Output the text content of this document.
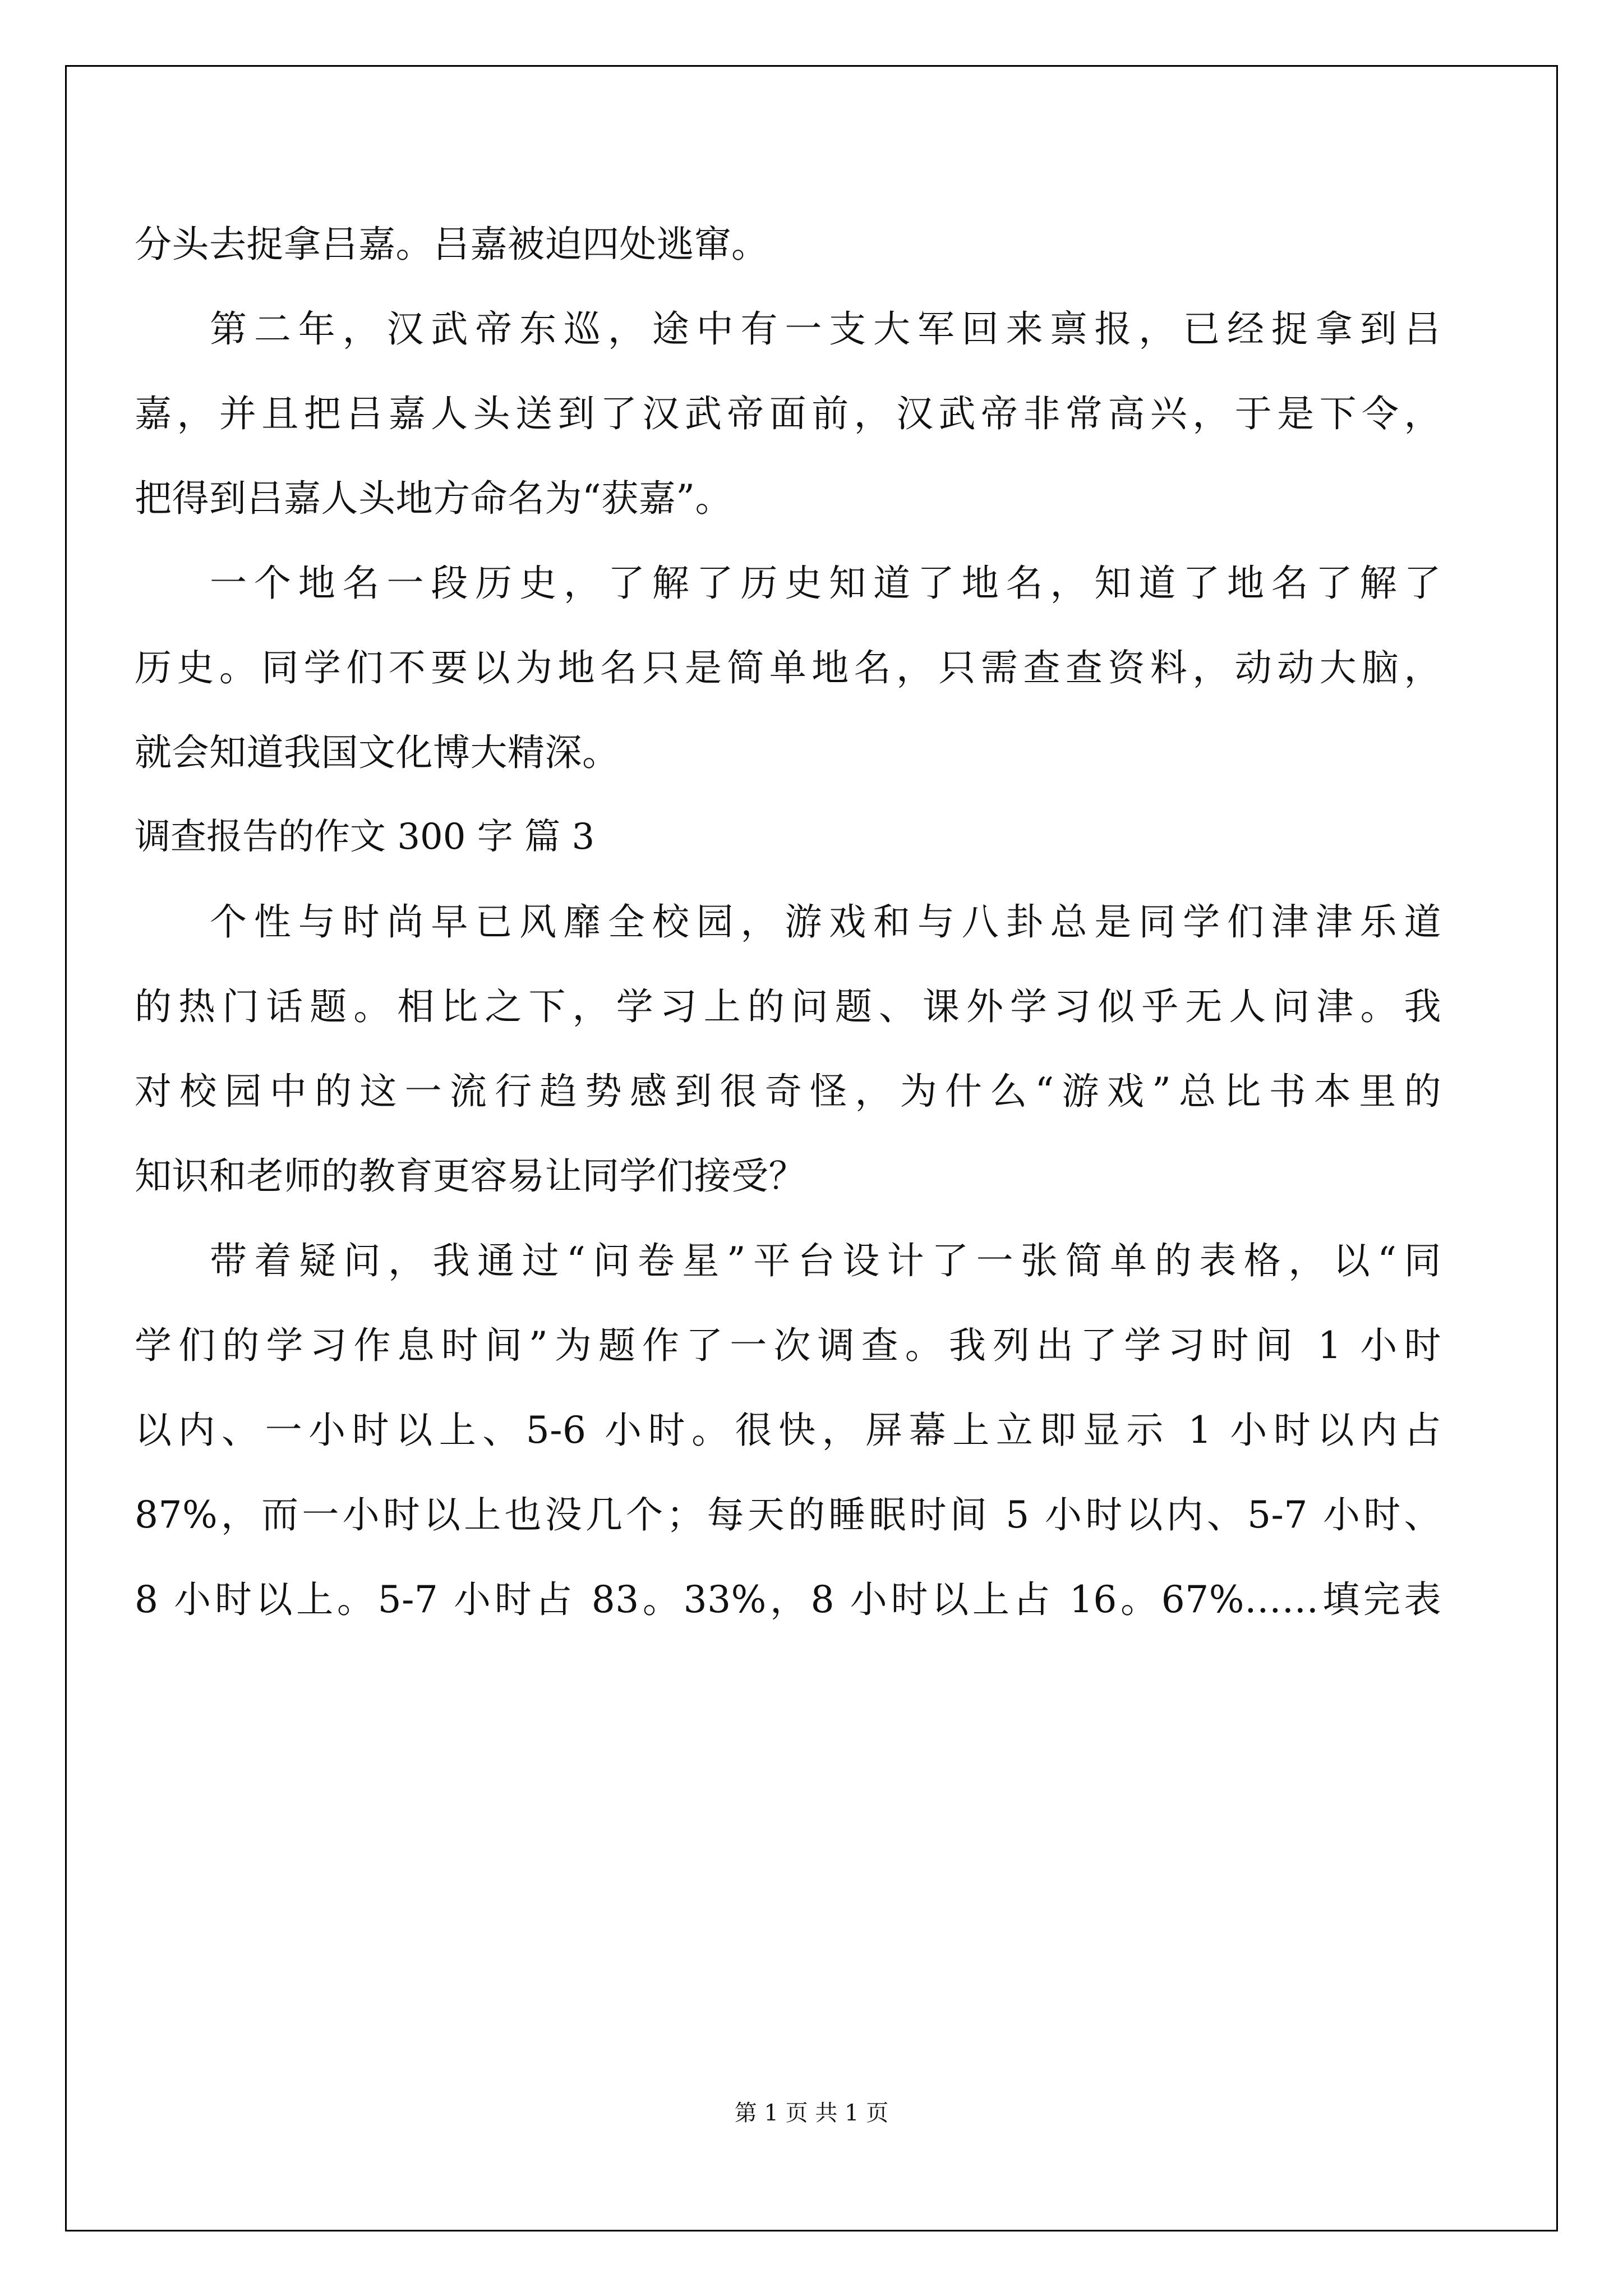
分头去捉拿吕嘉。吕嘉被迫四处逃窜。
第二年，汉武帝东巡，途中有一支大军回来禀报，已经捉拿到吕
嘉，并且把吕嘉人头送到了汉武帝面前，汉武帝非常高兴，于是下令，
把得到吕嘉人头地方命名为“获嘉”。
一个地名一段历史，了解了历史知道了地名，知道了地名了解了
历史。同学们不要以为地名只是简单地名，只需查查资料，动动大脑，
就会知道我国文化博大精深。
调查报告的作文 300 字 篇 3
个性与时尚早已风靡全校园，游戏和与八卦总是同学们津津乐道
的热门话题。相比之下，学习上的问题、课外学习似乎无人问津。我
对校园中的这一流行趋势感到很奇怪，为什么“游戏”总比书本里的
知识和老师的教育更容易让同学们接受？
带着疑问，我通过“问卷星”平台设计了一张简单的表格，以“同
学们的学习作息时间”为题作了一次调查。我列出了学习时间 1 小时
以内、一小时以上、5-6 小时。很快，屏幕上立即显示 1 小时以内占
87%，而一小时以上也没几个；每天的睡眠时间 5 小时以内、5-7 小时、
8 小时以上。5-7 小时占 83。33%，8 小时以上占 16。67%……填完表
第 1 页 共 1 页
